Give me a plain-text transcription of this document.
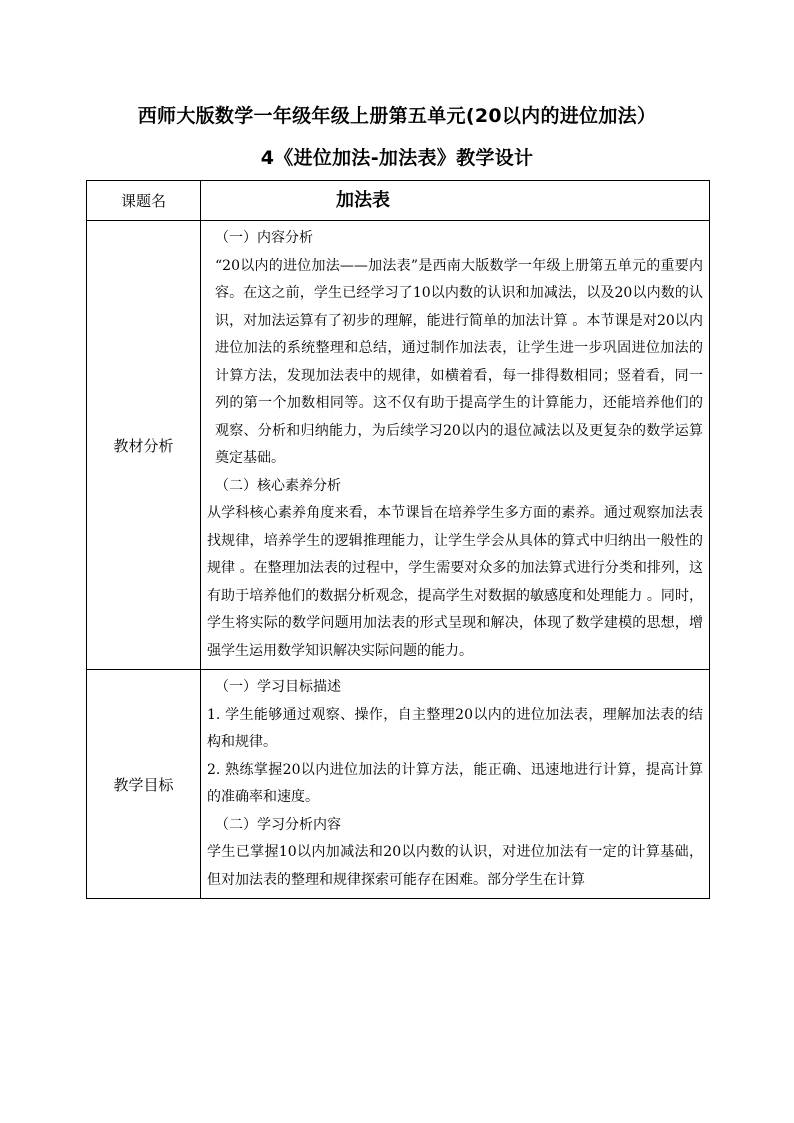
西师大版数学一年级年级上册第五单元(20以内的进位加法）
4《进位加法-加法表》教学设计
课题名	加法表

教材分析	（一）内容分析

“20以内的进位加法——加法表”是西南大版数学一年级上册第五单元的重要内容。在这之前，学生已经学习了10以内数的认识和加减法，以及20以内数的认识，对加法运算有了初步的理解，能进行简单的加法计算 。本节课是对20以内进位加法的系统整理和总结，通过制作加法表，让学生进一步巩固进位加法的计算方法，发现加法表中的规律，如横着看，每一排得数相同；竖着看，同一列的第一个加数相同等。这不仅有助于提高学生的计算能力，还能培养他们的观察、分析和归纳能力，为后续学习20以内的退位减法以及更复杂的数学运算奠定基础。

（二）核心素养分析

从学科核心素养角度来看，本节课旨在培养学生多方面的素养。通过观察加法表找规律，培养学生的逻辑推理能力，让学生学会从具体的算式中归纳出一般性的规律 。在整理加法表的过程中，学生需要对众多的加法算式进行分类和排列，这有助于培养他们的数据分析观念，提高学生对数据的敏感度和处理能力 。同时，学生将实际的数学问题用加法表的形式呈现和解决，体现了数学建模的思想，增强学生运用数学知识解决实际问题的能力。

教学目标	（一）学习目标描述

1. 学生能够通过观察、操作，自主整理20以内的进位加法表，理解加法表的结构和规律。

2. 熟练掌握20以内进位加法的计算方法，能正确、迅速地进行计算，提高计算的准确率和速度。

（二）学习分析内容

学生已掌握10以内加减法和20以内数的认识，对进位加法有一定的计算基础，但对加法表的整理和规律探索可能存在困难。部分学生在计算
